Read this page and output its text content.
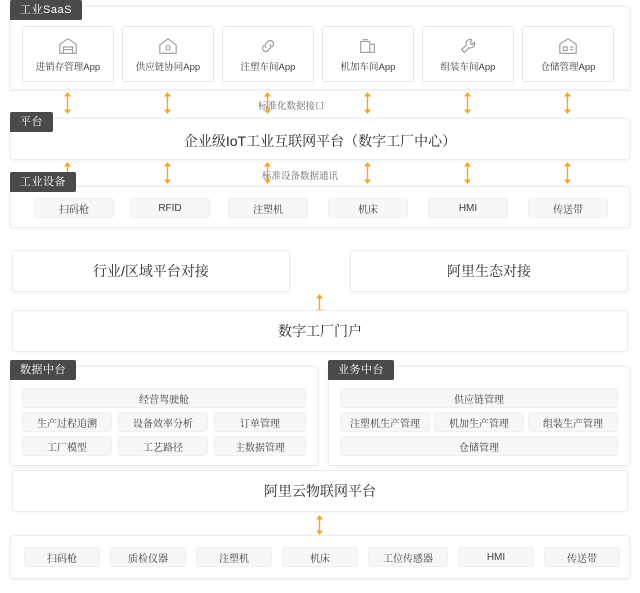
工业SaaS
进销存管理App	供应链协同App	注塑车间App	机加车间App	组装车间App	仓储管理App
标准化数据接口
平台
企业级IoT工业互联网平台（数字工厂中心）
标准设备数据通讯
工业设备
扫码枪	RFID	注塑机	机床	HMI	传送带
行业/区域平台对接	阿里生态对接
数字工厂门户
数据中台
经营驾驶舱
生产过程追溯	设备效率分析	订单管理
工厂模型	工艺路径	主数据管理
业务中台
供应链管理
注塑机生产管理	机加生产管理	组装生产管理
仓储管理
阿里云物联网平台
扫码枪	质检仪器	注塑机	机床	工位传感器	HMI	传送带
